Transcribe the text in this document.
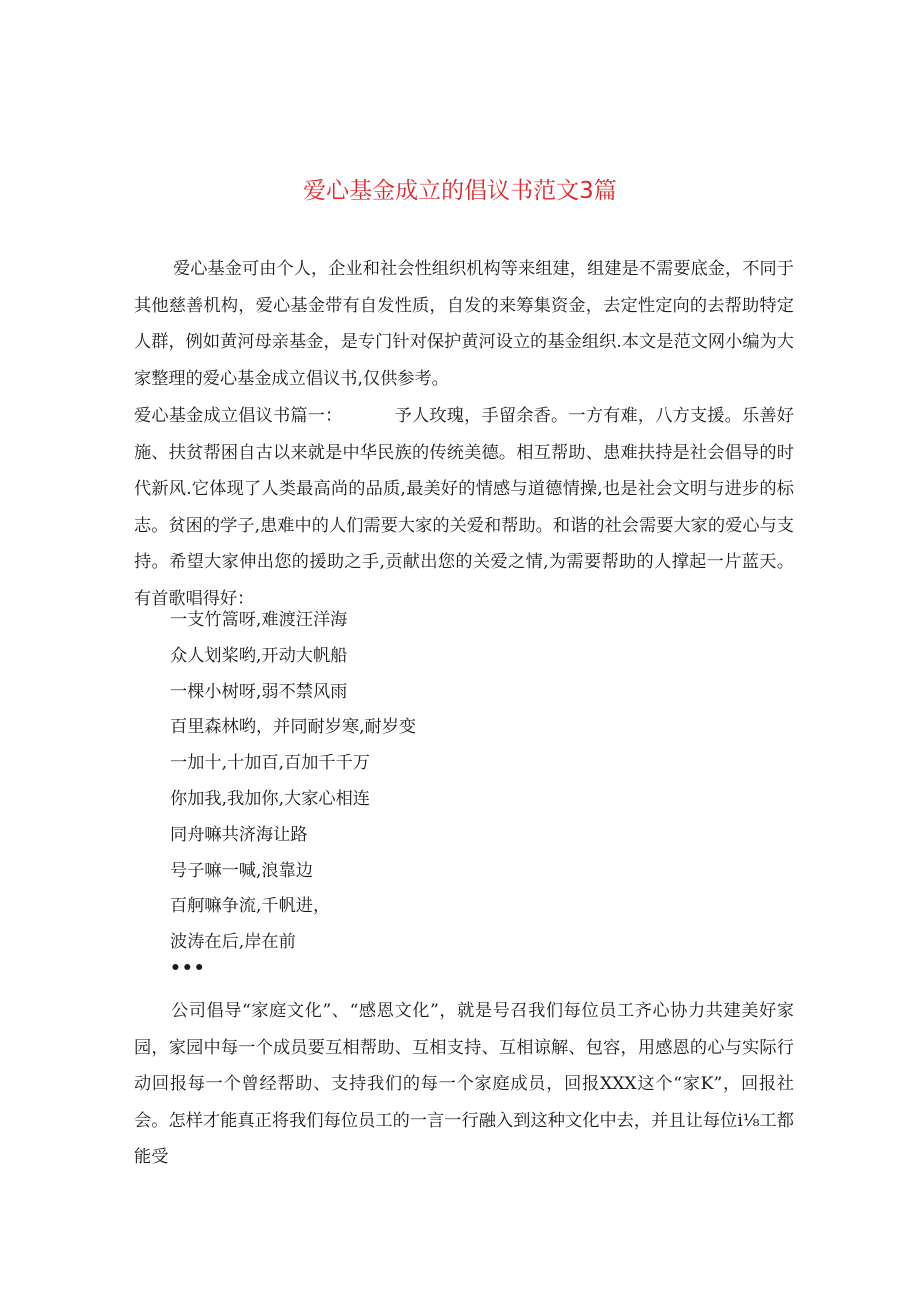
爱心基金成立的倡议书范文3篇
爱心基金可由个人，企业和社会性组织机构等来组建，组建是不需要底金，不同于其他慈善机构，爱心基金带有自发性质，自发的来筹集资金，去定性定向的去帮助特定人群，例如黄河母亲基金，是专门针对保护黄河设立的基金组织.本文是范文网小编为大家整理的爱心基金成立倡议书,仅供参考。
爱心基金成立倡议书篇一：	予人玫瑰，手留余香。一方有难，八方支援。乐善好施、扶贫帮困自古以来就是中华民族的传统美德。相互帮助、患难扶持是社会倡导的时代新风.它体现了人类最高尚的品质,最美好的情感与道德情操,也是社会文明与进步的标志。贫困的学子,患难中的人们需要大家的关爱和帮助。和谐的社会需要大家的爱心与支持。希望大家伸出您的援助之手,贡献出您的关爱之情,为需要帮助的人撑起一片蓝天。有首歌唱得好：
一支竹篙呀,难渡汪洋海
众人划桨哟,开动大帆船
一棵小树呀,弱不禁风雨
百里森林哟，并同耐岁寒,耐岁变
一加十,十加百,百加千千万
你加我,我加你,大家心相连
同舟嘛共济海让路
号子嘛一喊,浪靠边
百舸嘛争流,千帆进，
波涛在后,岸在前
•••
公司倡导“家庭文化”、“感恩文化”，就是号召我们每位员工齐心协力共建美好家园，家园中每一个成员要互相帮助、互相支持、互相谅解、包容，用感恩的心与实际行动回报每一个曾经帮助、支持我们的每一个家庭成员，回报XXX这个“家K”，回报社会。怎样才能真正将我们每位员工的一言一行融入到这种文化中去，并且让每位i⅛工都能受
